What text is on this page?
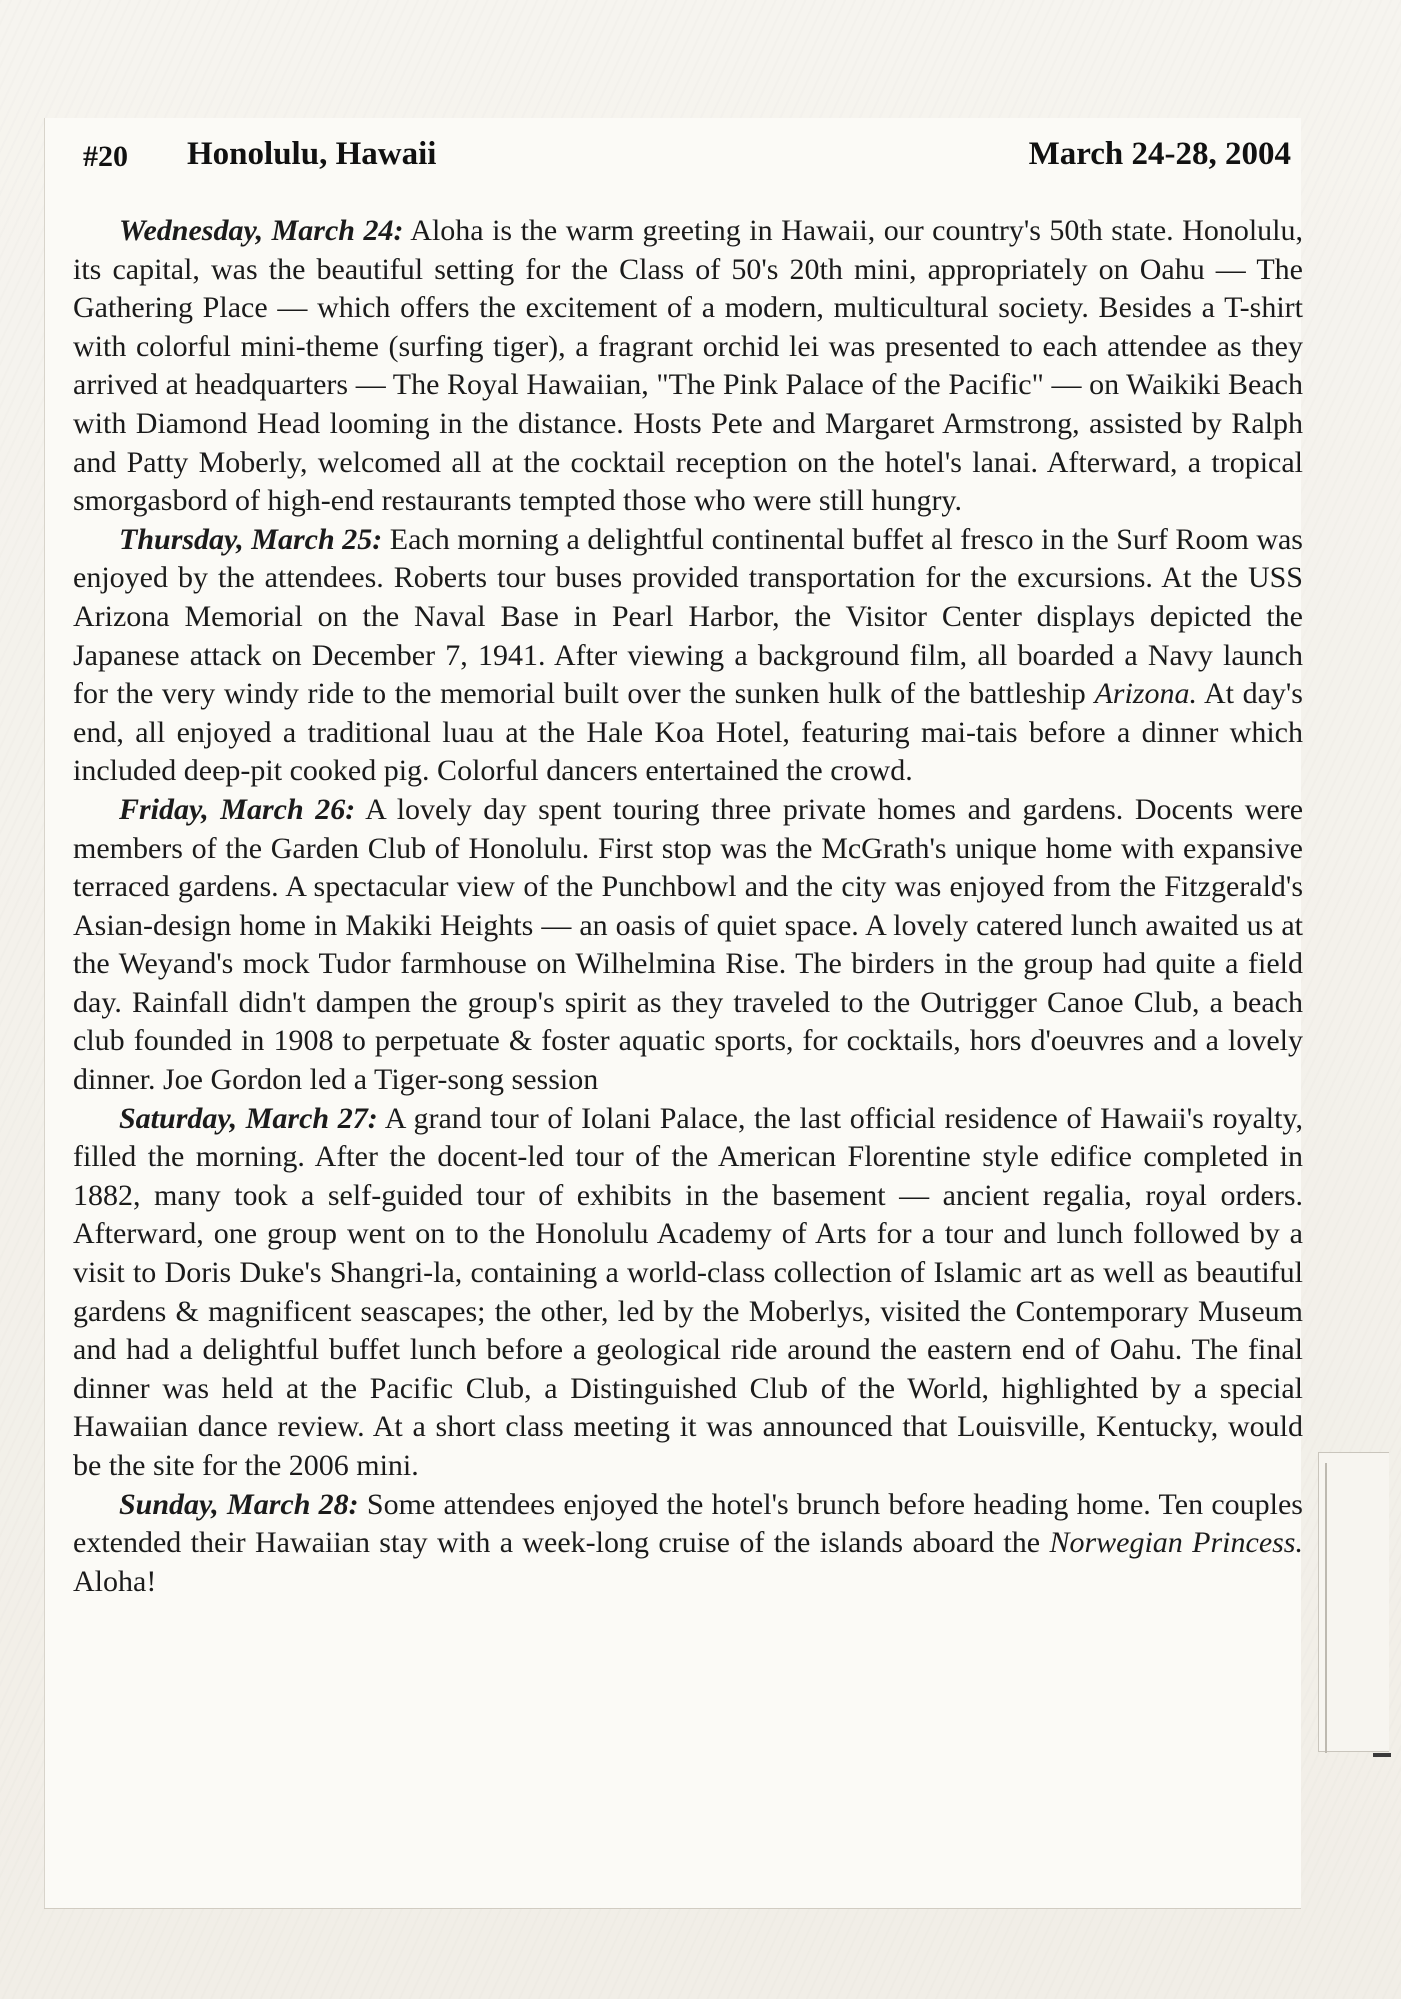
#20 Honolulu, Hawaii	March 24-28, 2004

Wednesday, March 24: Aloha is the warm greeting in Hawaii, our country's 50th state. Honolulu, its capital, was the beautiful setting for the Class of 50's 20th mini, appropriately on Oahu — The Gathering Place — which offers the excitement of a modern, multicultural society. Besides a T-shirt with colorful mini-theme (surfing tiger), a fragrant orchid lei was presented to each attendee as they arrived at headquarters — The Royal Hawaiian, "The Pink Palace of the Pacific" — on Waikiki Beach with Diamond Head looming in the distance. Hosts Pete and Margaret Armstrong, assisted by Ralph and Patty Moberly, welcomed all at the cocktail reception on the hotel's lanai. Afterward, a tropical smorgasbord of high-end restaurants tempted those who were still hungry.

Thursday, March 25: Each morning a delightful continental buffet al fresco in the Surf Room was enjoyed by the attendees. Roberts tour buses provided transportation for the excursions. At the USS Arizona Memorial on the Naval Base in Pearl Harbor, the Visitor Center displays depicted the Japanese attack on December 7, 1941. After viewing a background film, all boarded a Navy launch for the very windy ride to the memorial built over the sunken hulk of the battleship Arizona. At day's end, all enjoyed a traditional luau at the Hale Koa Hotel, featuring mai-tais before a dinner which included deep-pit cooked pig. Colorful dancers entertained the crowd.

Friday, March 26: A lovely day spent touring three private homes and gardens. Docents were members of the Garden Club of Honolulu. First stop was the McGrath's unique home with expansive terraced gardens. A spectacular view of the Punchbowl and the city was enjoyed from the Fitzgerald's Asian-design home in Makiki Heights — an oasis of quiet space. A lovely catered lunch awaited us at the Weyand's mock Tudor farmhouse on Wilhelmina Rise. The birders in the group had quite a field day. Rainfall didn't dampen the group's spirit as they traveled to the Outrigger Canoe Club, a beach club founded in 1908 to perpetuate & foster aquatic sports, for cocktails, hors d'oeuvres and a lovely dinner. Joe Gordon led a Tiger-song session

Saturday, March 27: A grand tour of Iolani Palace, the last official residence of Hawaii's royalty, filled the morning. After the docent-led tour of the American Florentine style edifice completed in 1882, many took a self-guided tour of exhibits in the basement — ancient regalia, royal orders. Afterward, one group went on to the Honolulu Academy of Arts for a tour and lunch followed by a visit to Doris Duke's Shangri-la, containing a world-class collection of Islamic art as well as beautiful gardens & magnificent seascapes; the other, led by the Moberlys, visited the Contemporary Museum and had a delightful buffet lunch before a geological ride around the eastern end of Oahu. The final dinner was held at the Pacific Club, a Distinguished Club of the World, highlighted by a special Hawaiian dance review. At a short class meeting it was announced that Louisville, Kentucky, would be the site for the 2006 mini.

Sunday, March 28: Some attendees enjoyed the hotel's brunch before heading home. Ten couples extended their Hawaiian stay with a week-long cruise of the islands aboard the Norwegian Princess. Aloha!
